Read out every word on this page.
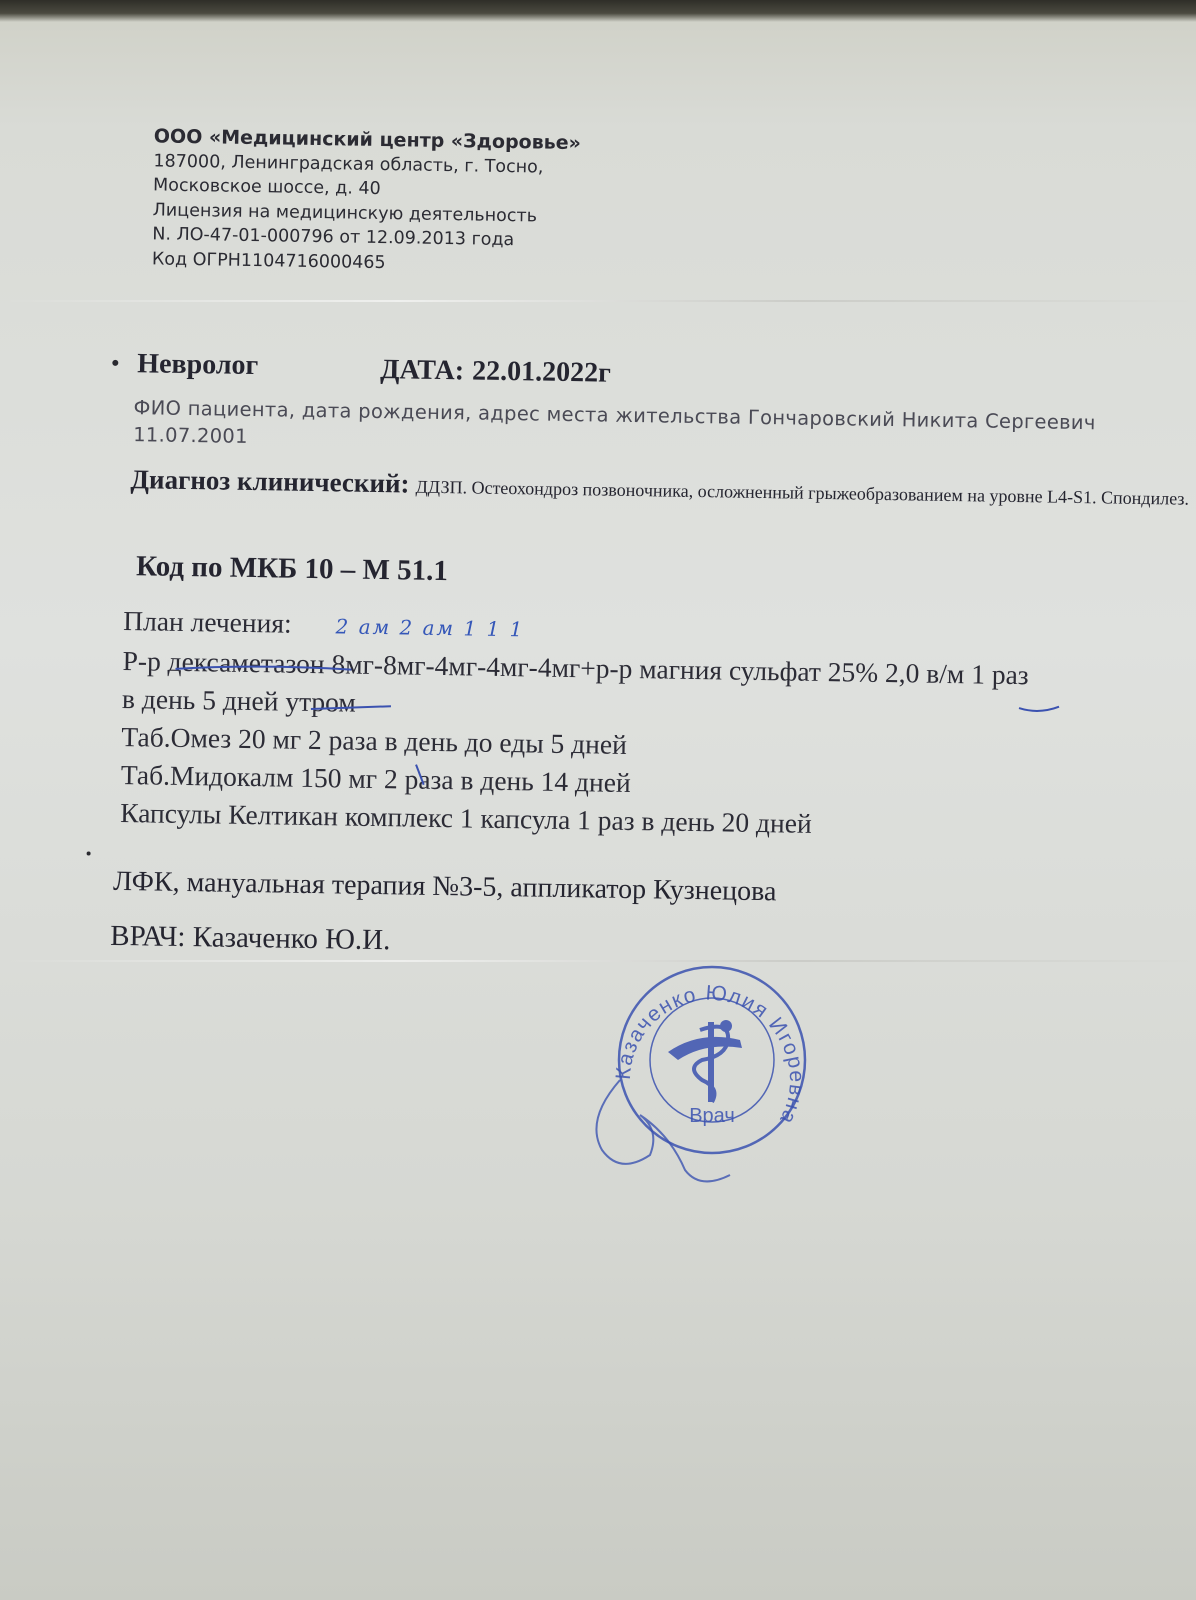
ООО «Медицинский центр «Здоровье»
187000, Ленинградская область, г. Тосно,
Московское шоссе, д. 40
Лицензия на медицинскую деятельность
N. ЛО-47-01-000796 от 12.09.2013 года
Код ОГРН1104716000465
Невролог	ДАТА: 22.01.2022г
ФИО пациента, дата рождения, адрес места жительства Гончаровский Никита Сергеевич 11.07.2001
Диагноз клинический: ДДЗП. Остеохондроз позвоночника, осложненный грыжеобразованием на уровне L4-S1. Спондилез.
Код по МКБ 10 – М 51.1
План лечения: 2 ам 2 ам 1 1 1
Р-р дексаметазон 8мг-8мг-4мг-4мг-4мг+р-р магния сульфат 25% 2,0 в/м 1 раз
в день 5 дней утром
Таб.Омез 20 мг 2 раза в день до еды 5 дней
Таб.Мидокалм 150 мг 2 раза в день 14 дней
Капсулы Келтикан комплекс 1 капсула 1 раз в день 20 дней
ЛФК, мануальная терапия №3-5, аппликатор Кузнецова
ВРАЧ: Казаченко Ю.И.
Казаченко Юлия Игоревна
Врач
